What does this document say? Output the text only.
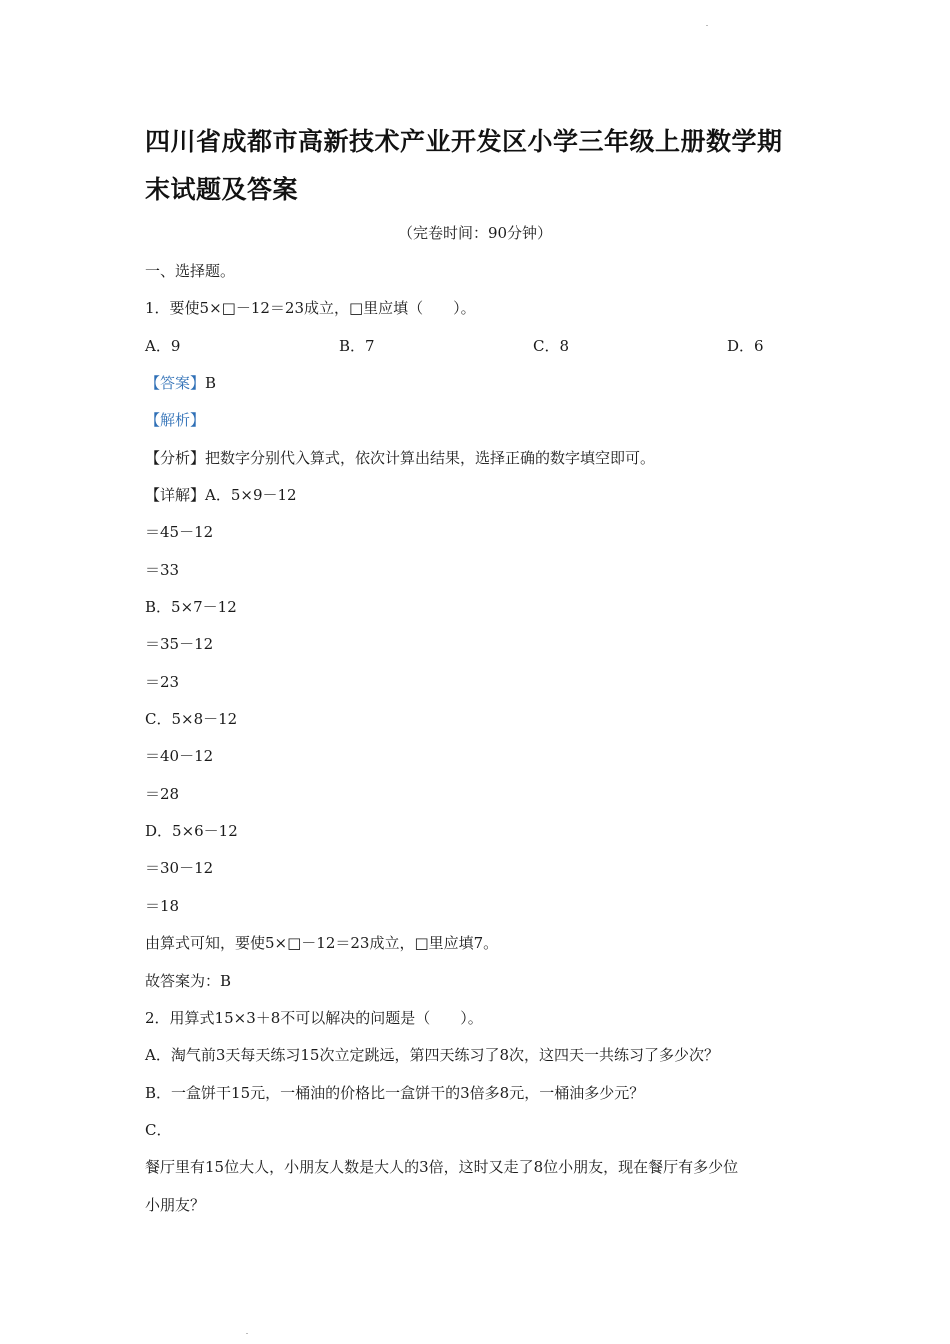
四川省成都市高新技术产业开发区小学三年级上册数学期末试题及答案
（完卷时间：90分钟）
一、选择题。
1．要使5×□－12＝23成立，□里应填（　　）。
A．9	B．7	C．8	D．6
【答案】B
【解析】
【分析】把数字分别代入算式，依次计算出结果，选择正确的数字填空即可。
【详解】A．5×9－12
＝45－12
＝33
B．5×7－12
＝35－12
＝23
C．5×8－12
＝40－12
＝28
D．5×6－12
＝30－12
＝18
由算式可知，要使5×□－12＝23成立，□里应填7。
故答案为：B
2．用算式15×3＋8不可以解决的问题是（　　）。
A．淘气前3天每天练习15次立定跳远，第四天练习了8次，这四天一共练习了多少次？
B．一盒饼干15元，一桶油的价格比一盒饼干的3倍多8元，一桶油多少元？
C．
餐厅里有15位大人，小朋友人数是大人的3倍，这时又走了8位小朋友，现在餐厅有多少位
小朋友？
